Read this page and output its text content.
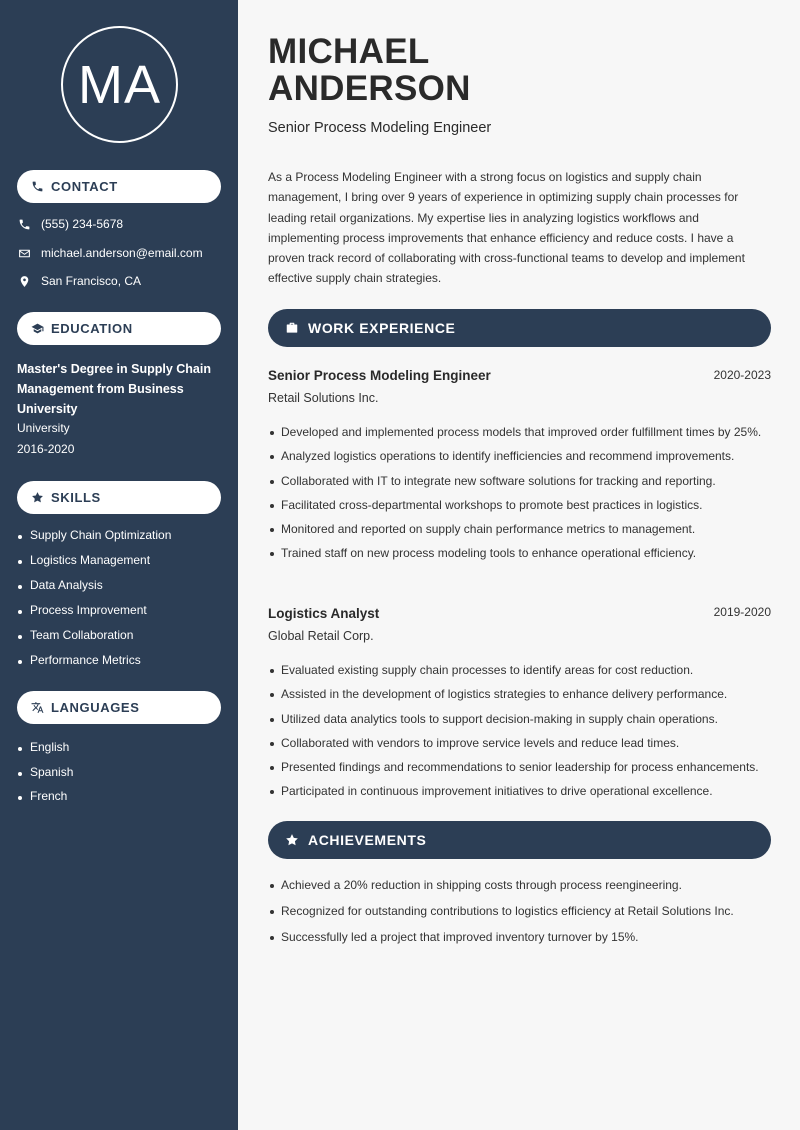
MA
CONTACT
(555) 234-5678
michael.anderson@email.com
San Francisco, CA
EDUCATION
Master's Degree in Supply Chain Management from Business University
University
2016-2020
SKILLS
Supply Chain Optimization
Logistics Management
Data Analysis
Process Improvement
Team Collaboration
Performance Metrics
LANGUAGES
English
Spanish
French
MICHAEL
ANDERSON
Senior Process Modeling Engineer

As a Process Modeling Engineer with a strong focus on logistics and supply chain management, I bring over 9 years of experience in optimizing supply chain processes for leading retail organizations. My expertise lies in analyzing logistics workflows and implementing process improvements that enhance efficiency and reduce costs. I have a proven track record of collaborating with cross-functional teams to develop and implement effective supply chain strategies.

WORK EXPERIENCE
Senior Process Modeling Engineer	2020-2023
Retail Solutions Inc.
Developed and implemented process models that improved order fulfillment times by 25%.
Analyzed logistics operations to identify inefficiencies and recommend improvements.
Collaborated with IT to integrate new software solutions for tracking and reporting.
Facilitated cross-departmental workshops to promote best practices in logistics.
Monitored and reported on supply chain performance metrics to management.
Trained staff on new process modeling tools to enhance operational efficiency.
Logistics Analyst	2019-2020
Global Retail Corp.
Evaluated existing supply chain processes to identify areas for cost reduction.
Assisted in the development of logistics strategies to enhance delivery performance.
Utilized data analytics tools to support decision-making in supply chain operations.
Collaborated with vendors to improve service levels and reduce lead times.
Presented findings and recommendations to senior leadership for process enhancements.
Participated in continuous improvement initiatives to drive operational excellence.
ACHIEVEMENTS
Achieved a 20% reduction in shipping costs through process reengineering.
Recognized for outstanding contributions to logistics efficiency at Retail Solutions Inc.
Successfully led a project that improved inventory turnover by 15%.
